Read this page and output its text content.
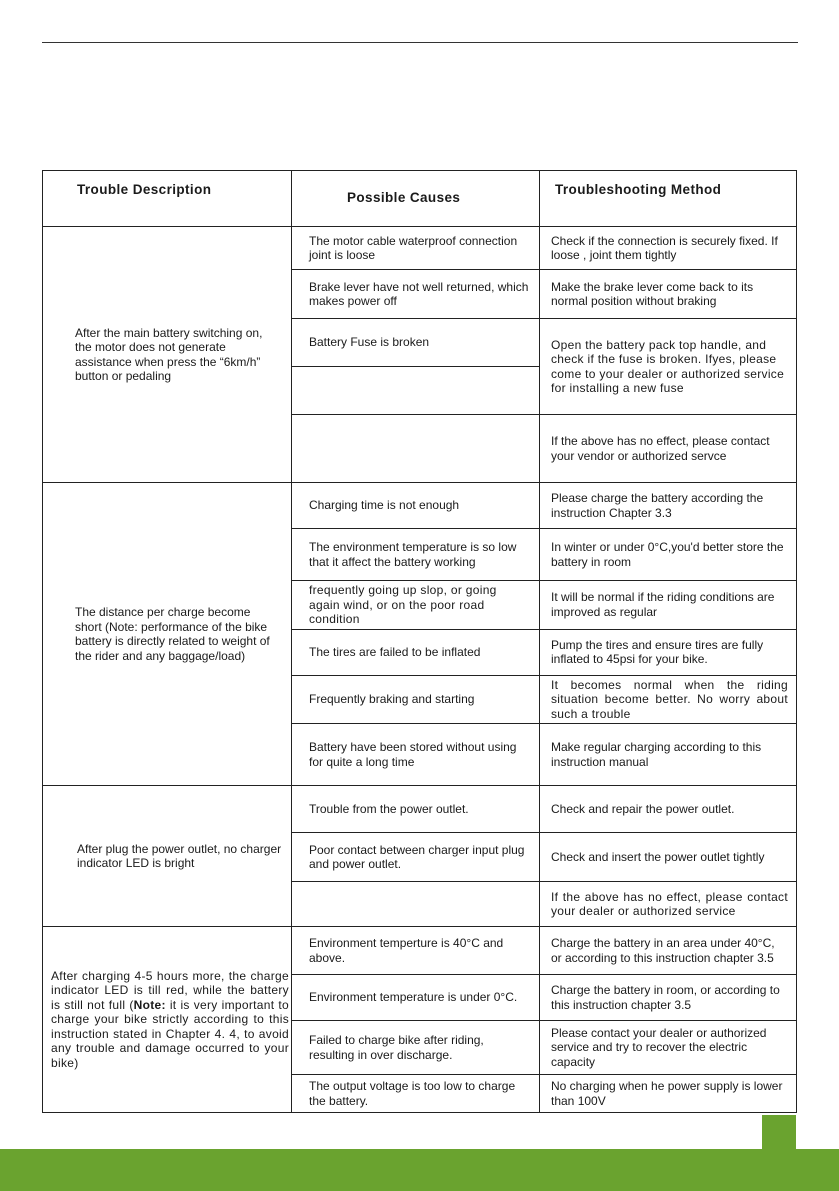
Trouble Description	Possible Causes	Troubleshooting Method
After the main battery switching on, the motor does not generate assistance when press the “6km/h” button or pedaling	The motor cable waterproof connection joint is loose	Check if the connection is securely fixed. If loose , joint them tightly
	Brake lever have not well returned, which makes power off	Make the brake lever come back to its normal position without braking
	Battery Fuse is broken	Open the battery pack top handle, and check if the fuse is broken. Ifyes, please come to your dealer or authorized service for installing a new fuse

		If the above has no effect, please contact your vendor or authorized servce
The distance per charge become short (Note: performance of the bike battery is directly related to weight of the rider and any baggage/load)	Charging time is not enough	Please charge the battery according the instruction Chapter 3.3
	The environment temperature is so low that it affect the battery working	In winter or under 0°C,you'd better store the battery in room
	frequently going up slop, or going again wind, or on the poor road condition	It will be normal if the riding conditions are improved as regular
	The tires are failed to be inflated	Pump the tires and ensure tires are fully inflated to 45psi for your bike.
	Frequently braking and starting	It becomes normal when the riding situation become better. No worry about such a trouble
	Battery have been stored without using for quite a long time	Make regular charging according to this instruction manual
After plug the power outlet, no charger indicator LED is bright	Trouble from the power outlet.	Check and repair the power outlet.
	Poor contact between charger input plug and power outlet.	Check and insert the power outlet tightly
		If the above has no effect, please contact your dealer or authorized service
After charging 4-5 hours more, the charge indicator LED is till red, while the battery is still not full (Note: it is very important to charge your bike strictly according to this instruction stated in Chapter 4. 4, to avoid any trouble and damage occurred to your bike)	Environment temperture is 40°C and above.	Charge the battery in an area under 40°C, or according to this instruction chapter 3.5
	Environment temperature is under 0°C.	Charge the battery in room, or according to this instruction chapter 3.5
	Failed to charge bike after riding, resulting in over discharge.	Please contact your dealer or authorized service and try to recover the electric capacity
	The output voltage is too low to charge the battery.	No charging when he power supply is lower than 100V
